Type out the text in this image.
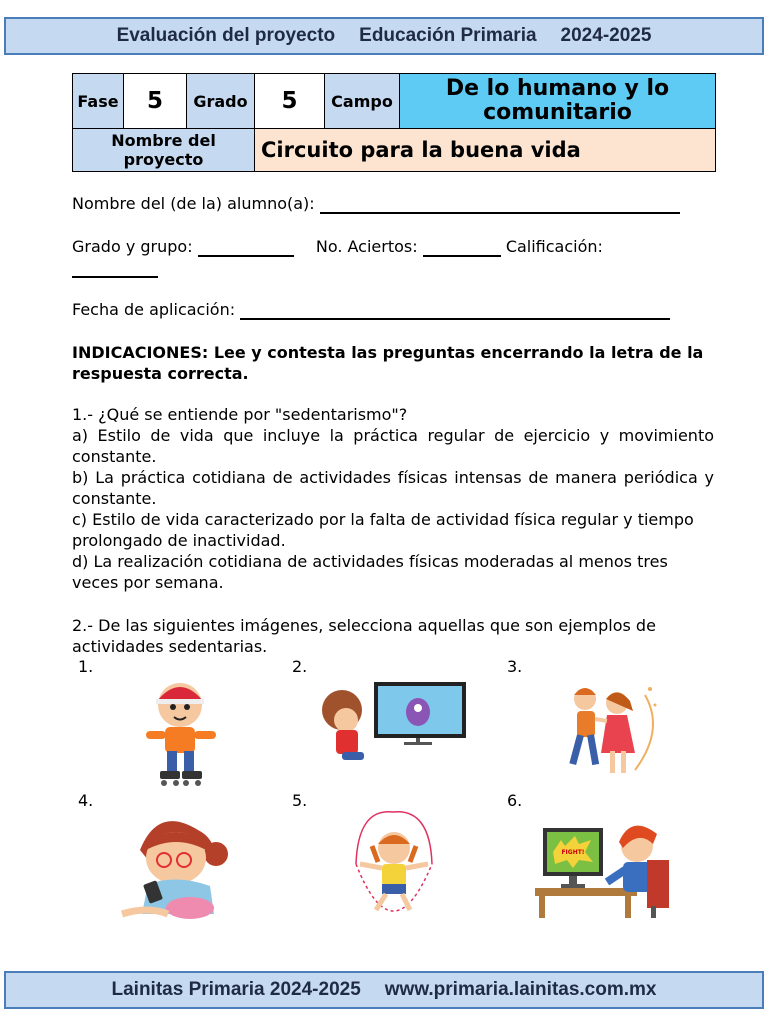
Evaluación del proyecto Educación Primaria 2024-2025
Fase	5	Grado	5	Campo	De lo humano y lo comunitario
Nombre del proyecto			Circuito para la buena vida		
Nombre del (de la) alumno(a):
Grado y grupo:	No. Aciertos:	Calificación:
Fecha de aplicación:
INDICACIONES: Lee y contesta las preguntas encerrando la letra de la respuesta correcta.
1.- ¿Qué se entiende por "sedentarismo"?
a) Estilo de vida que incluye la práctica regular de ejercicio y movimiento constante.
b) La práctica cotidiana de actividades físicas intensas de manera periódica y constante.
c) Estilo de vida caracterizado por la falta de actividad física regular y tiempo prolongado de inactividad.
d) La realización cotidiana de actividades físicas moderadas al menos tres veces por semana.
2.- De las siguientes imágenes, selecciona aquellas que son ejemplos de actividades sedentarias.
1.	2.	3.
4.	5.	6.
FIGHT!
Lainitas Primaria 2024-2025 www.primaria.lainitas.com.mx
